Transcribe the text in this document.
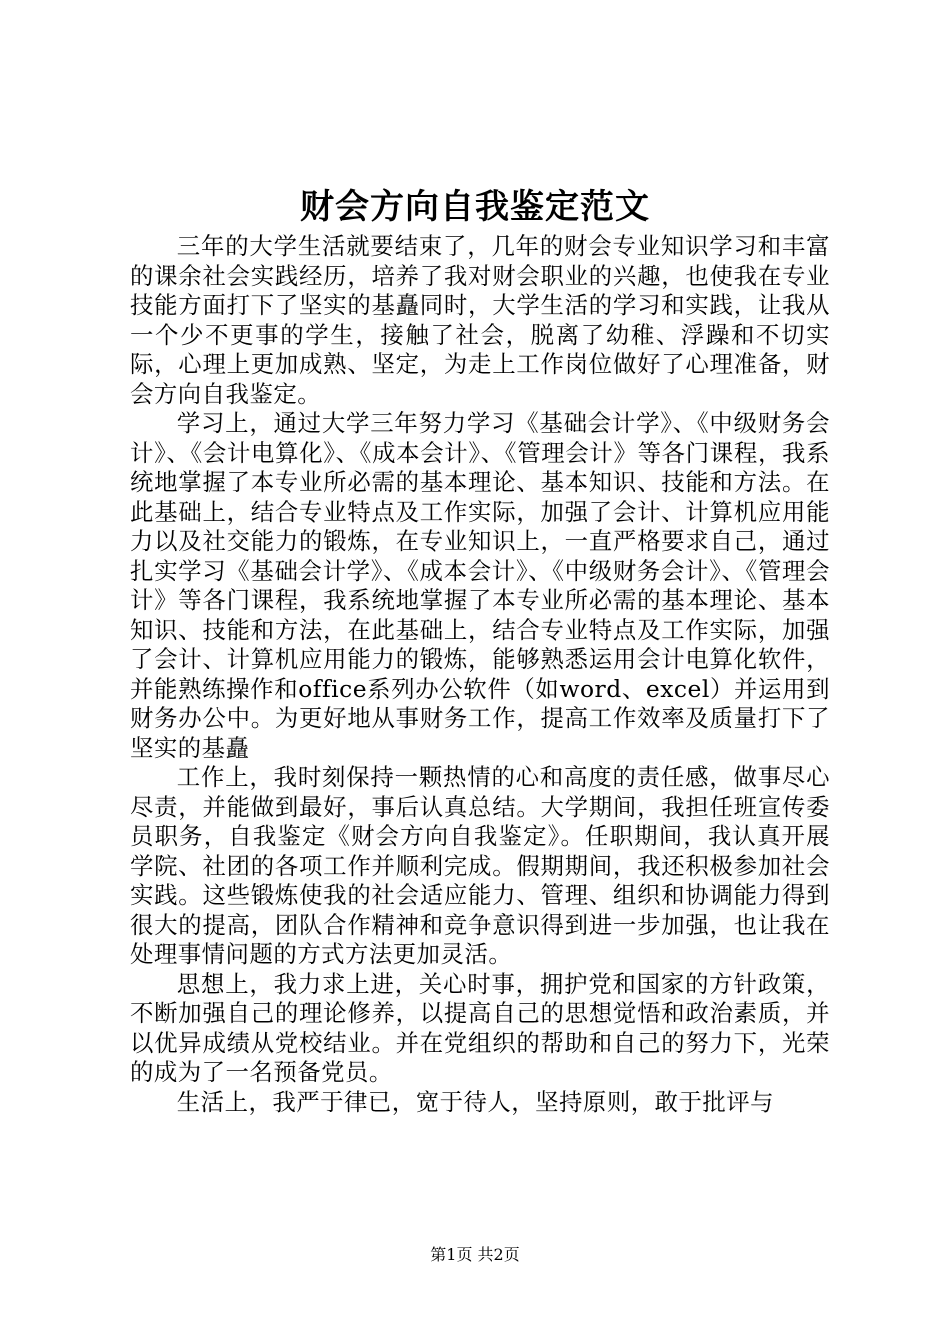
财会方向自我鉴定范文

三年的大学生活就要结束了，几年的财会专业知识学习和丰富的课余社会实践经历，培养了我对财会职业的兴趣，也使我在专业技能方面打下了坚实的基矗同时，大学生活的学习和实践，让我从一个少不更事的学生，接触了社会，脱离了幼稚、浮躁和不切实际，心理上更加成熟、坚定，为走上工作岗位做好了心理准备，财会方向自我鉴定。

学习上，通过大学三年努力学习《基础会计学》、《中级财务会计》、《会计电算化》、《成本会计》、《管理会计》等各门课程，我系统地掌握了本专业所必需的基本理论、基本知识、技能和方法。在此基础上，结合专业特点及工作实际，加强了会计、计算机应用能力以及社交能力的锻炼，在专业知识上，一直严格要求自己，通过扎实学习《基础会计学》、《成本会计》、《中级财务会计》、《管理会计》等各门课程，我系统地掌握了本专业所必需的基本理论、基本知识、技能和方法，在此基础上，结合专业特点及工作实际，加强了会计、计算机应用能力的锻炼，能够熟悉运用会计电算化软件，并能熟练操作和office系列办公软件（如word、excel）并运用到财务办公中。为更好地从事财务工作，提高工作效率及质量打下了坚实的基矗

工作上，我时刻保持一颗热情的心和高度的责任感，做事尽心尽责，并能做到最好，事后认真总结。大学期间，我担任班宣传委员职务，自我鉴定《财会方向自我鉴定》。任职期间，我认真开展学院、社团的各项工作并顺利完成。假期期间，我还积极参加社会实践。这些锻炼使我的社会适应能力、管理、组织和协调能力得到很大的提高，团队合作精神和竞争意识得到进一步加强，也让我在处理事情问题的方式方法更加灵活。

思想上，我力求上进，关心时事，拥护党和国家的方针政策，不断加强自己的理论修养，以提高自己的思想觉悟和政治素质，并以优异成绩从党校结业。并在党组织的帮助和自己的努力下，光荣的成为了一名预备党员。

生活上，我严于律已，宽于待人，坚持原则，敢于批评与

第1页 共2页
